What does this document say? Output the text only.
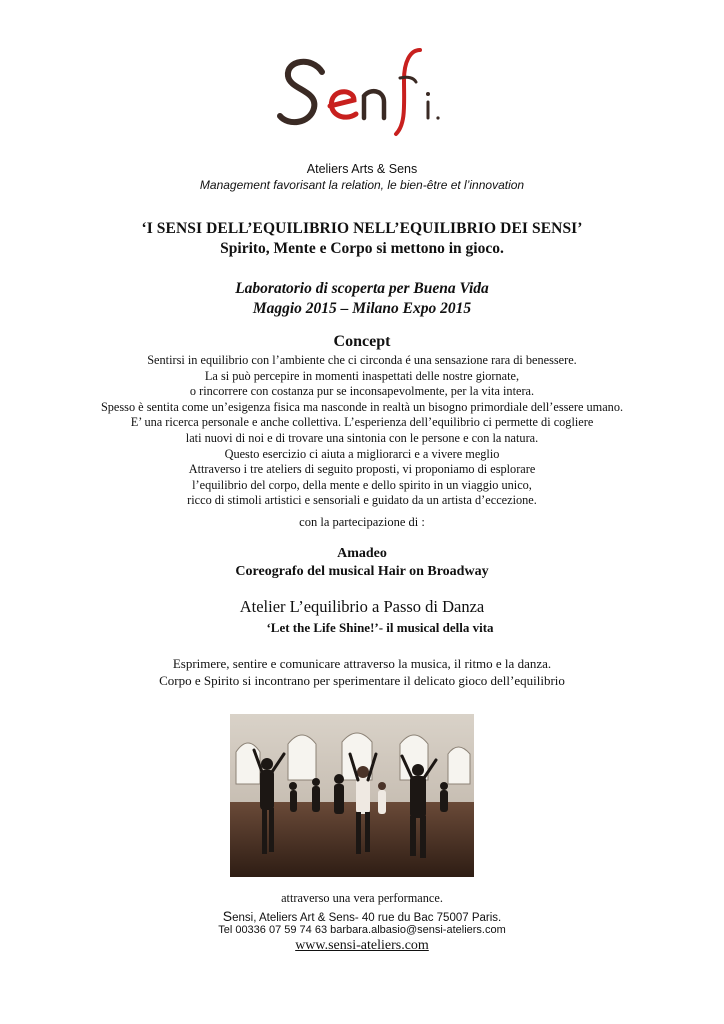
Ateliers Arts & Sens
Management favorisant la relation, le bien-être et l’innovation
‘I SENSI DELL’EQUILIBRIO NELL’EQUILIBRIO DEI SENSI’
Spirito, Mente e Corpo si mettono in gioco.
Laboratorio di scoperta per Buena Vida
Maggio 2015 – Milano Expo 2015
Concept
Sentirsi in equilibrio con l’ambiente che ci circonda é una sensazione rara di benessere.
La si può percepire in momenti inaspettati delle nostre giornate,
o rincorrere con costanza pur se inconsapevolmente, per la vita intera.
Spesso è sentita come un’esigenza fisica ma nasconde in realtà un bisogno primordiale dell’essere umano.
E’ una ricerca personale e anche collettiva. L’esperienza dell’equilibrio ci permette di cogliere
lati nuovi di noi e di trovare una sintonia con le persone e con la natura.
Questo esercizio ci aiuta a migliorarci e a vivere meglio
Attraverso i tre ateliers di seguito proposti, vi proponiamo di esplorare
l’equilibrio del corpo, della mente e dello spirito in un viaggio unico,
ricco di stimoli artistici e sensoriali e guidato da un artista d’eccezione.
con la partecipazione di :
Amadeo
Coreografo del musical Hair on Broadway
Atelier L’equilibrio a Passo di Danza
‘Let the Life Shine!’- il musical della vita
Esprimere, sentire e comunicare attraverso la musica, il ritmo e la danza.
Corpo e Spirito si incontrano per sperimentare il delicato gioco dell’equilibrio
attraverso una vera performance.
Sensi, Ateliers Art & Sens- 40 rue du Bac 75007 Paris.
Tel 00336 07 59 74 63 barbara.albasio@sensi-ateliers.com
www.sensi-ateliers.com
